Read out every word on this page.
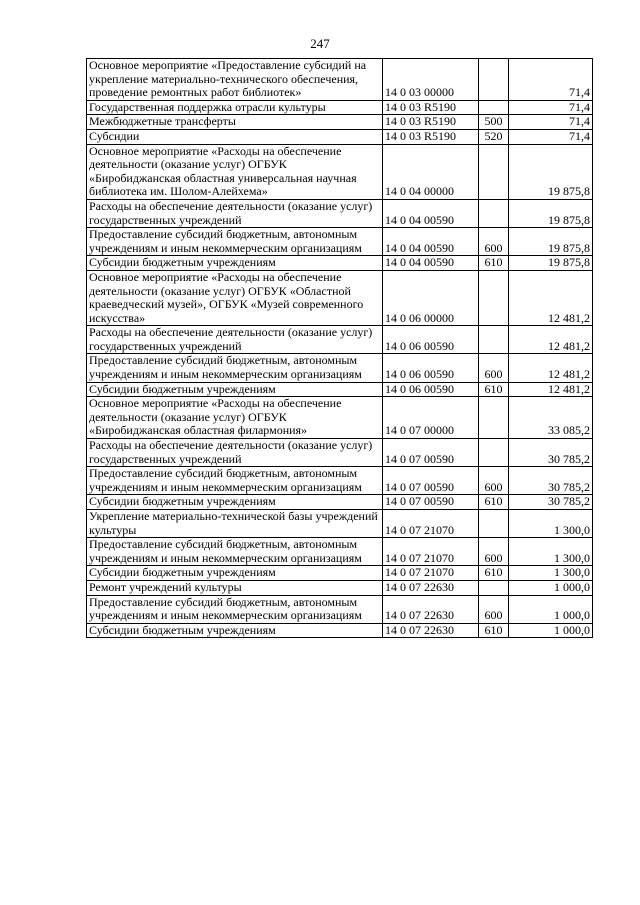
247
Основное мероприятие «Предоставление субсидий на укрепление материально-технического обеспечения, проведение ремонтных работ библиотек»	14 0 03 00000		71,4
Государственная поддержка отрасли культуры	14 0 03 R5190		71,4
Межбюджетные трансферты	14 0 03 R5190	500	71,4
Субсидии	14 0 03 R5190	520	71,4
Основное мероприятие «Расходы на обеспечение деятельности (оказание услуг) ОГБУК «Биробиджанская областная универсальная научная библиотека им. Шолом-Алейхема»	14 0 04 00000		19 875,8
Расходы на обеспечение деятельности (оказание услуг) государственных учреждений	14 0 04 00590		19 875,8
Предоставление субсидий бюджетным, автономным учреждениям и иным некоммерческим организациям	14 0 04 00590	600	19 875,8
Субсидии бюджетным учреждениям	14 0 04 00590	610	19 875,8
Основное мероприятие «Расходы на обеспечение деятельности (оказание услуг) ОГБУК «Областной краеведческий музей», ОГБУК «Музей современного искусства»	14 0 06 00000		12 481,2
Расходы на обеспечение деятельности (оказание услуг) государственных учреждений	14 0 06 00590		12 481,2
Предоставление субсидий бюджетным, автономным учреждениям и иным некоммерческим организациям	14 0 06 00590	600	12 481,2
Субсидии бюджетным учреждениям	14 0 06 00590	610	12 481,2
Основное мероприятие «Расходы на обеспечение деятельности (оказание услуг) ОГБУК «Биробиджанская областная филармония»	14 0 07 00000		33 085,2
Расходы на обеспечение деятельности (оказание услуг) государственных учреждений	14 0 07 00590		30 785,2
Предоставление субсидий бюджетным, автономным учреждениям и иным некоммерческим организациям	14 0 07 00590	600	30 785,2
Субсидии бюджетным учреждениям	14 0 07 00590	610	30 785,2
Укрепление материально-технической базы учреждений культуры	14 0 07 21070		1 300,0
Предоставление субсидий бюджетным, автономным учреждениям и иным некоммерческим организациям	14 0 07 21070	600	1 300,0
Субсидии бюджетным учреждениям	14 0 07 21070	610	1 300,0
Ремонт учреждений культуры	14 0 07 22630		1 000,0
Предоставление субсидий бюджетным, автономным учреждениям и иным некоммерческим организациям	14 0 07 22630	600	1 000,0
Субсидии бюджетным учреждениям	14 0 07 22630	610	1 000,0
